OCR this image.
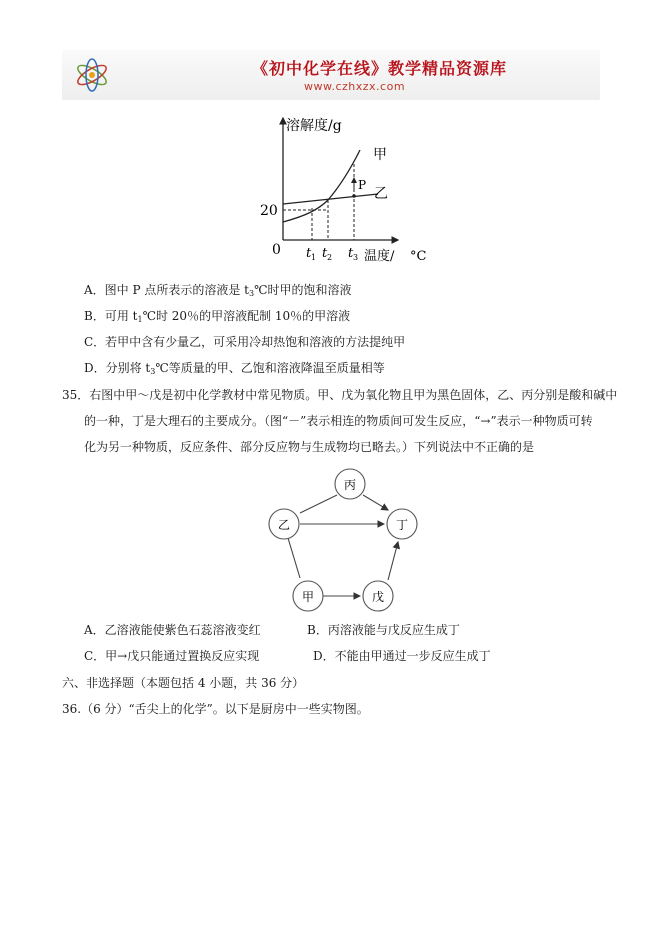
《初中化学在线》教学精品资源库
www.czhxzx.com
溶解度/g
甲
乙
P
20
0 t 1 t 2 t 3 温度/ °C
A．图中 P 点所表示的溶液是 $t_3℃$时甲的饱和溶液
B．可用 $t_1℃$时 20％的甲溶液配制 10％的甲溶液
C．若甲中含有少量乙，可采用冷却热饱和溶液的方法提纯甲
D．分别将 $t_3℃$等质量的甲、乙饱和溶液降温至质量相等
35．右图中甲～戊是初中化学教材中常见物质。甲、戊为氧化物且甲为黑色固体，乙、丙分别是酸和碱中
的一种，丁是大理石的主要成分。（图“－”表示相连的物质间可发生反应，“→”表示一种物质可转
化为另一种物质，反应条件、部分反应物与生成物均已略去。）下列说法中不正确的是
丙
乙	丁
甲	戊
A．乙溶液能使紫色石蕊溶液变红	B．丙溶液能与戊反应生成丁
C．甲→戊只能通过置换反应实现	D．不能由甲通过一步反应生成丁
六、非选择题（本题包括 4 小题，共 36 分）
36.（6 分）“舌尖上的化学”。以下是厨房中一些实物图。
